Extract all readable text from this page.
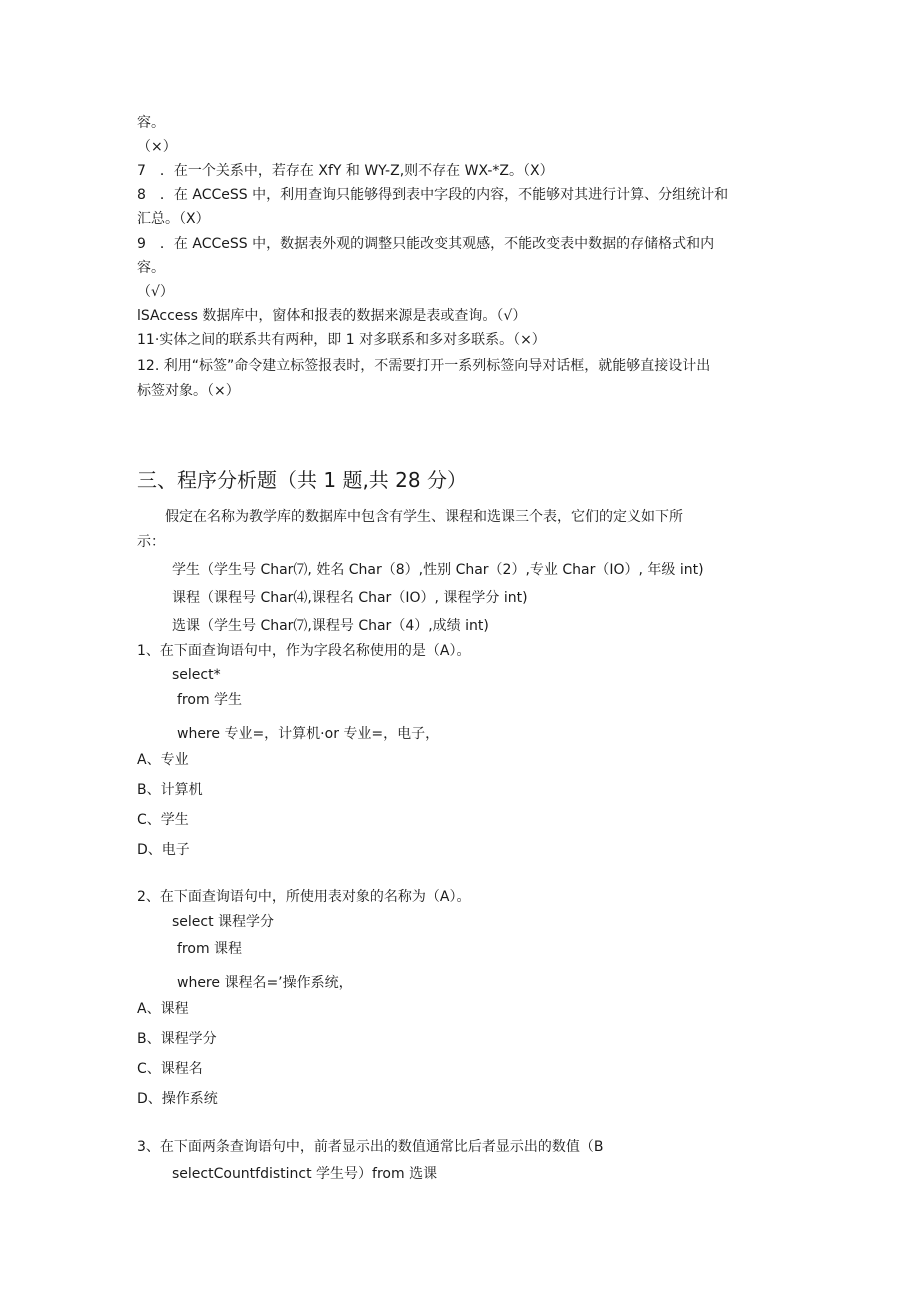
容。
（×）
7　．在一个关系中，若存在 XfY 和 WY-Z,则不存在 WX-*Z。（X）
8　．在 ACCeSS 中，利用查询只能够得到表中字段的内容，不能够对其进行计算、分组统计和
汇总。（X）
9　．在 ACCeSS 中，数据表外观的调整只能改变其观感，不能改变表中数据的存储格式和内
容。
（√）
lSAccess 数据库中，窗体和报表的数据来源是表或查询。（√）
11·实体之间的联系共有两种，即 1 对多联系和多对多联系。（×）
12. 利用“标签”命令建立标签报表时，不需要打开一系列标签向导对话框，就能够直接设计出
标签对象。（×）
三、程序分析题（共 1 题,共 28 分）
　　假定在名称为教学库的数据库中包含有学生、课程和选课三个表，它们的定义如下所
示：
学生（学生号 Char⑺, 姓名 Char（8）,性别 Char（2）,专业 Char（IO）, 年级 int)
课程（课程号 Char⑷,课程名 Char（IO）, 课程学分 int)
选课（学生号 Char⑺,课程号 Char（4）,成绩 int)
1、在下面查询语句中，作为字段名称使用的是（A）。
select*
from 学生
where 专业=，计算机·or 专业=，电子，
A、专业
B、计算机
C、学生
D、电子
2、在下面查询语句中，所使用表对象的名称为（A）。
select 课程学分
from 课程
where 课程名=’操作系统，
A、课程
B、课程学分
C、课程名
D、操作系统
3、在下面两条查询语句中，前者显示出的数值通常比后者显示出的数值（B
selectCountfdistinct 学生号）from 选课
